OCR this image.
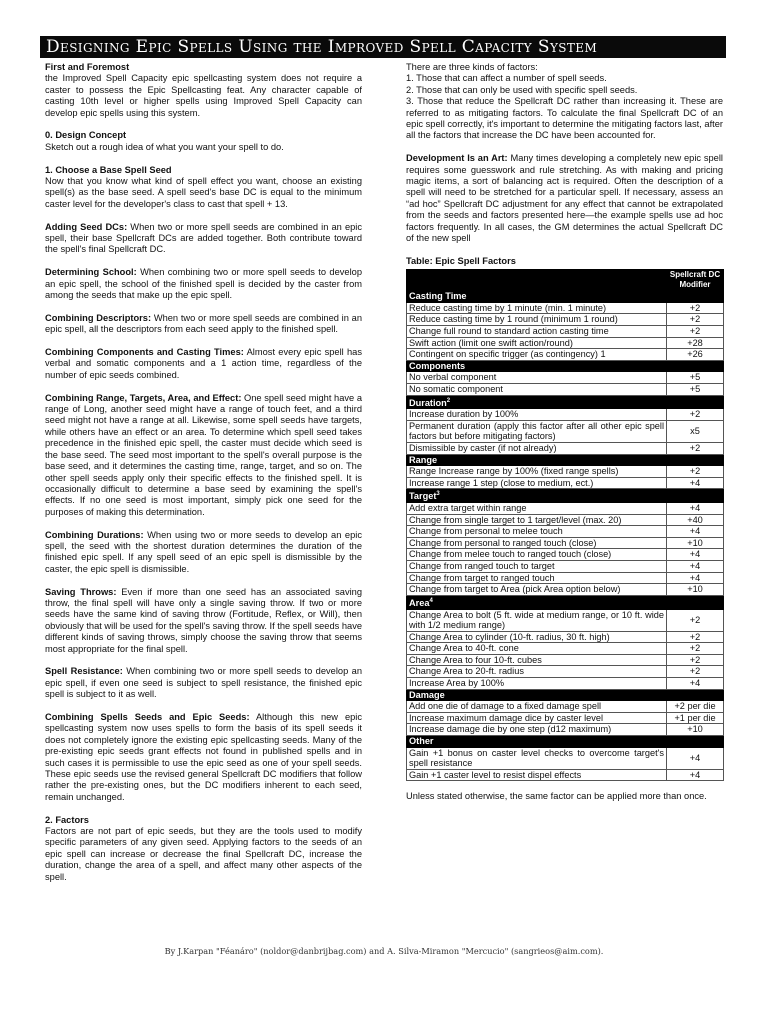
Designing Epic Spells Using the Improved Spell Capacity System

First and Foremost

the Improved Spell Capacity epic spellcasting system does not require a caster to possess the Epic Spellcasting feat. Any character capable of casting 10th level or higher spells using Improved Spell Capacity can develop epic spells using this system.

0. Design Concept

Sketch out a rough idea of what you want your spell to do.

1. Choose a Base Spell Seed

Now that you know what kind of spell effect you want, choose an existing spell(s) as the base seed. A spell seed's base DC is equal to the minimum caster level for the developer's class to cast that spell + 13.

Adding Seed DCs: When two or more spell seeds are combined in an epic spell, their base Spellcraft DCs are added together. Both contribute toward the spell's final Spellcraft DC.

Determining School: When combining two or more spell seeds to develop an epic spell, the school of the finished spell is decided by the caster from among the seeds that make up the epic spell.

Combining Descriptors: When two or more spell seeds are combined in an epic spell, all the descriptors from each seed apply to the finished spell.

Combining Components and Casting Times: Almost every epic spell has verbal and somatic components and a 1 action time, regardless of the number of epic seeds combined.

Combining Range, Targets, Area, and Effect: One spell seed might have a range of Long, another seed might have a range of touch feet, and a third seed might not have a range at all. Likewise, some spell seeds have targets, while others have an effect or an area. To determine which spell seed takes precedence in the finished epic spell, the caster must decide which seed is the base seed. The seed most important to the spell's overall purpose is the base seed, and it determines the casting time, range, target, and so on. The other spell seeds apply only their specific effects to the finished spell. It is occasionally difficult to determine a base seed by examining the spell's effects. If no one seed is most important, simply pick one seed for the purposes of making this determination.

Combining Durations: When using two or more seeds to develop an epic spell, the seed with the shortest duration determines the duration of the finished epic spell. If any spell seed of an epic spell is dismissible by the caster, the epic spell is dismissible.

Saving Throws: Even if more than one seed has an associated saving throw, the final spell will have only a single saving throw. If two or more seeds have the same kind of saving throw (Fortitude, Reflex, or Will), then obviously that will be used for the spell's saving throw. If the spell seeds have different kinds of saving throws, simply choose the saving throw that seems most appropriate for the final spell.

Spell Resistance: When combining two or more spell seeds to develop an epic spell, if even one seed is subject to spell resistance, the finished epic spell is subject to it as well.

Combining Spells Seeds and Epic Seeds: Although this new epic spellcasting system now uses spells to form the basis of its spell seeds it does not completely ignore the existing epic spellcasting seeds. Many of the pre-existing epic seeds grant effects not found in published spells and in such cases it is permissible to use the epic seed as one of your spell seeds. These epic seeds use the revised general Spellcraft DC modifiers that follow rather the pre-existing ones, but the DC modifiers inherent to each seed, remain unchanged.

2. Factors

Factors are not part of epic seeds, but they are the tools used to modify specific parameters of any given seed. Applying factors to the seeds of an epic spell can increase or decrease the final Spellcraft DC, increase the duration, change the area of a spell, and affect many other aspects of the spell.

There are three kinds of factors:

1. Those that can affect a number of spell seeds.

2. Those that can only be used with specific spell seeds.

3. Those that reduce the Spellcraft DC rather than increasing it. These are referred to as mitigating factors. To calculate the final Spellcraft DC of an epic spell correctly, it's important to determine the mitigating factors last, after all the factors that increase the DC have been accounted for.

Development Is an Art: Many times developing a completely new epic spell requires some guesswork and rule stretching. As with making and pricing magic items, a sort of balancing act is required. Often the description of a spell will need to be stretched for a particular spell. If necessary, assess an “ad hoc” Spellcraft DC adjustment for any effect that cannot be extrapolated from the seeds and factors presented here—the example spells use ad hoc factors frequently. In all cases, the GM determines the actual Spellcraft DC of the new spell

Table: Epic Spell Factors
	Spellcraft DC Modifier
Casting Time	
Reduce casting time by 1 minute (min. 1 minute)	+2
Reduce casting time by 1 round (minimum 1 round)	+2
Change full round to standard action casting time	+2
Swift action (limit one swift action/round)	+28
Contingent on specific trigger (as contingency) 1	+26
Components	
No verbal component	+5
No somatic component	+5
Duration$^2$
Increase duration by 100%	+2
Permanent duration (apply this factor after all other epic spell factors but before mitigating factors)	x5
Dismissible by caster (if not already)	+2
Range	
Range Increase range by 100% (fixed range spells)	+2
Increase range 1 step (close to medium, ect.)	+4
Target$^3$
Add extra target within range	+4
Change from single target to 1 target/level (max. 20)	+40
Change from personal to melee touch	+4
Change from personal to ranged touch (close)	+10
Change from melee touch to ranged touch (close)	+4
Change from ranged touch to target	+4
Change from target to ranged touch	+4
Change from target to Area (pick Area option below)	+10
Area$^4$
Change Area to bolt (5 ft. wide at medium range, or 10 ft. wide with 1/2 medium range)	+2
Change Area to cylinder (10-ft. radius, 30 ft. high)	+2
Change Area to 40-ft. cone	+2
Change Area to four 10-ft. cubes	+2
Change Area to 20-ft. radius	+2
Increase Area by 100%	+4
Damage	
Add one die of damage to a fixed damage spell	+2 per die
Increase maximum damage dice by caster level	+1 per die
Increase damage die by one step (d12 maximum)	+10
Other	
Gain +1 bonus on caster level checks to overcome target's spell resistance	+4
Gain +1 caster level to resist dispel effects	+4

Unless stated otherwise, the same factor can be applied more than once.

By J.Karpan "Féanáro" (noldor@danbrijbag.com) and A. Silva-Miramon "Mercucio" (sangrieos@aim.com).
